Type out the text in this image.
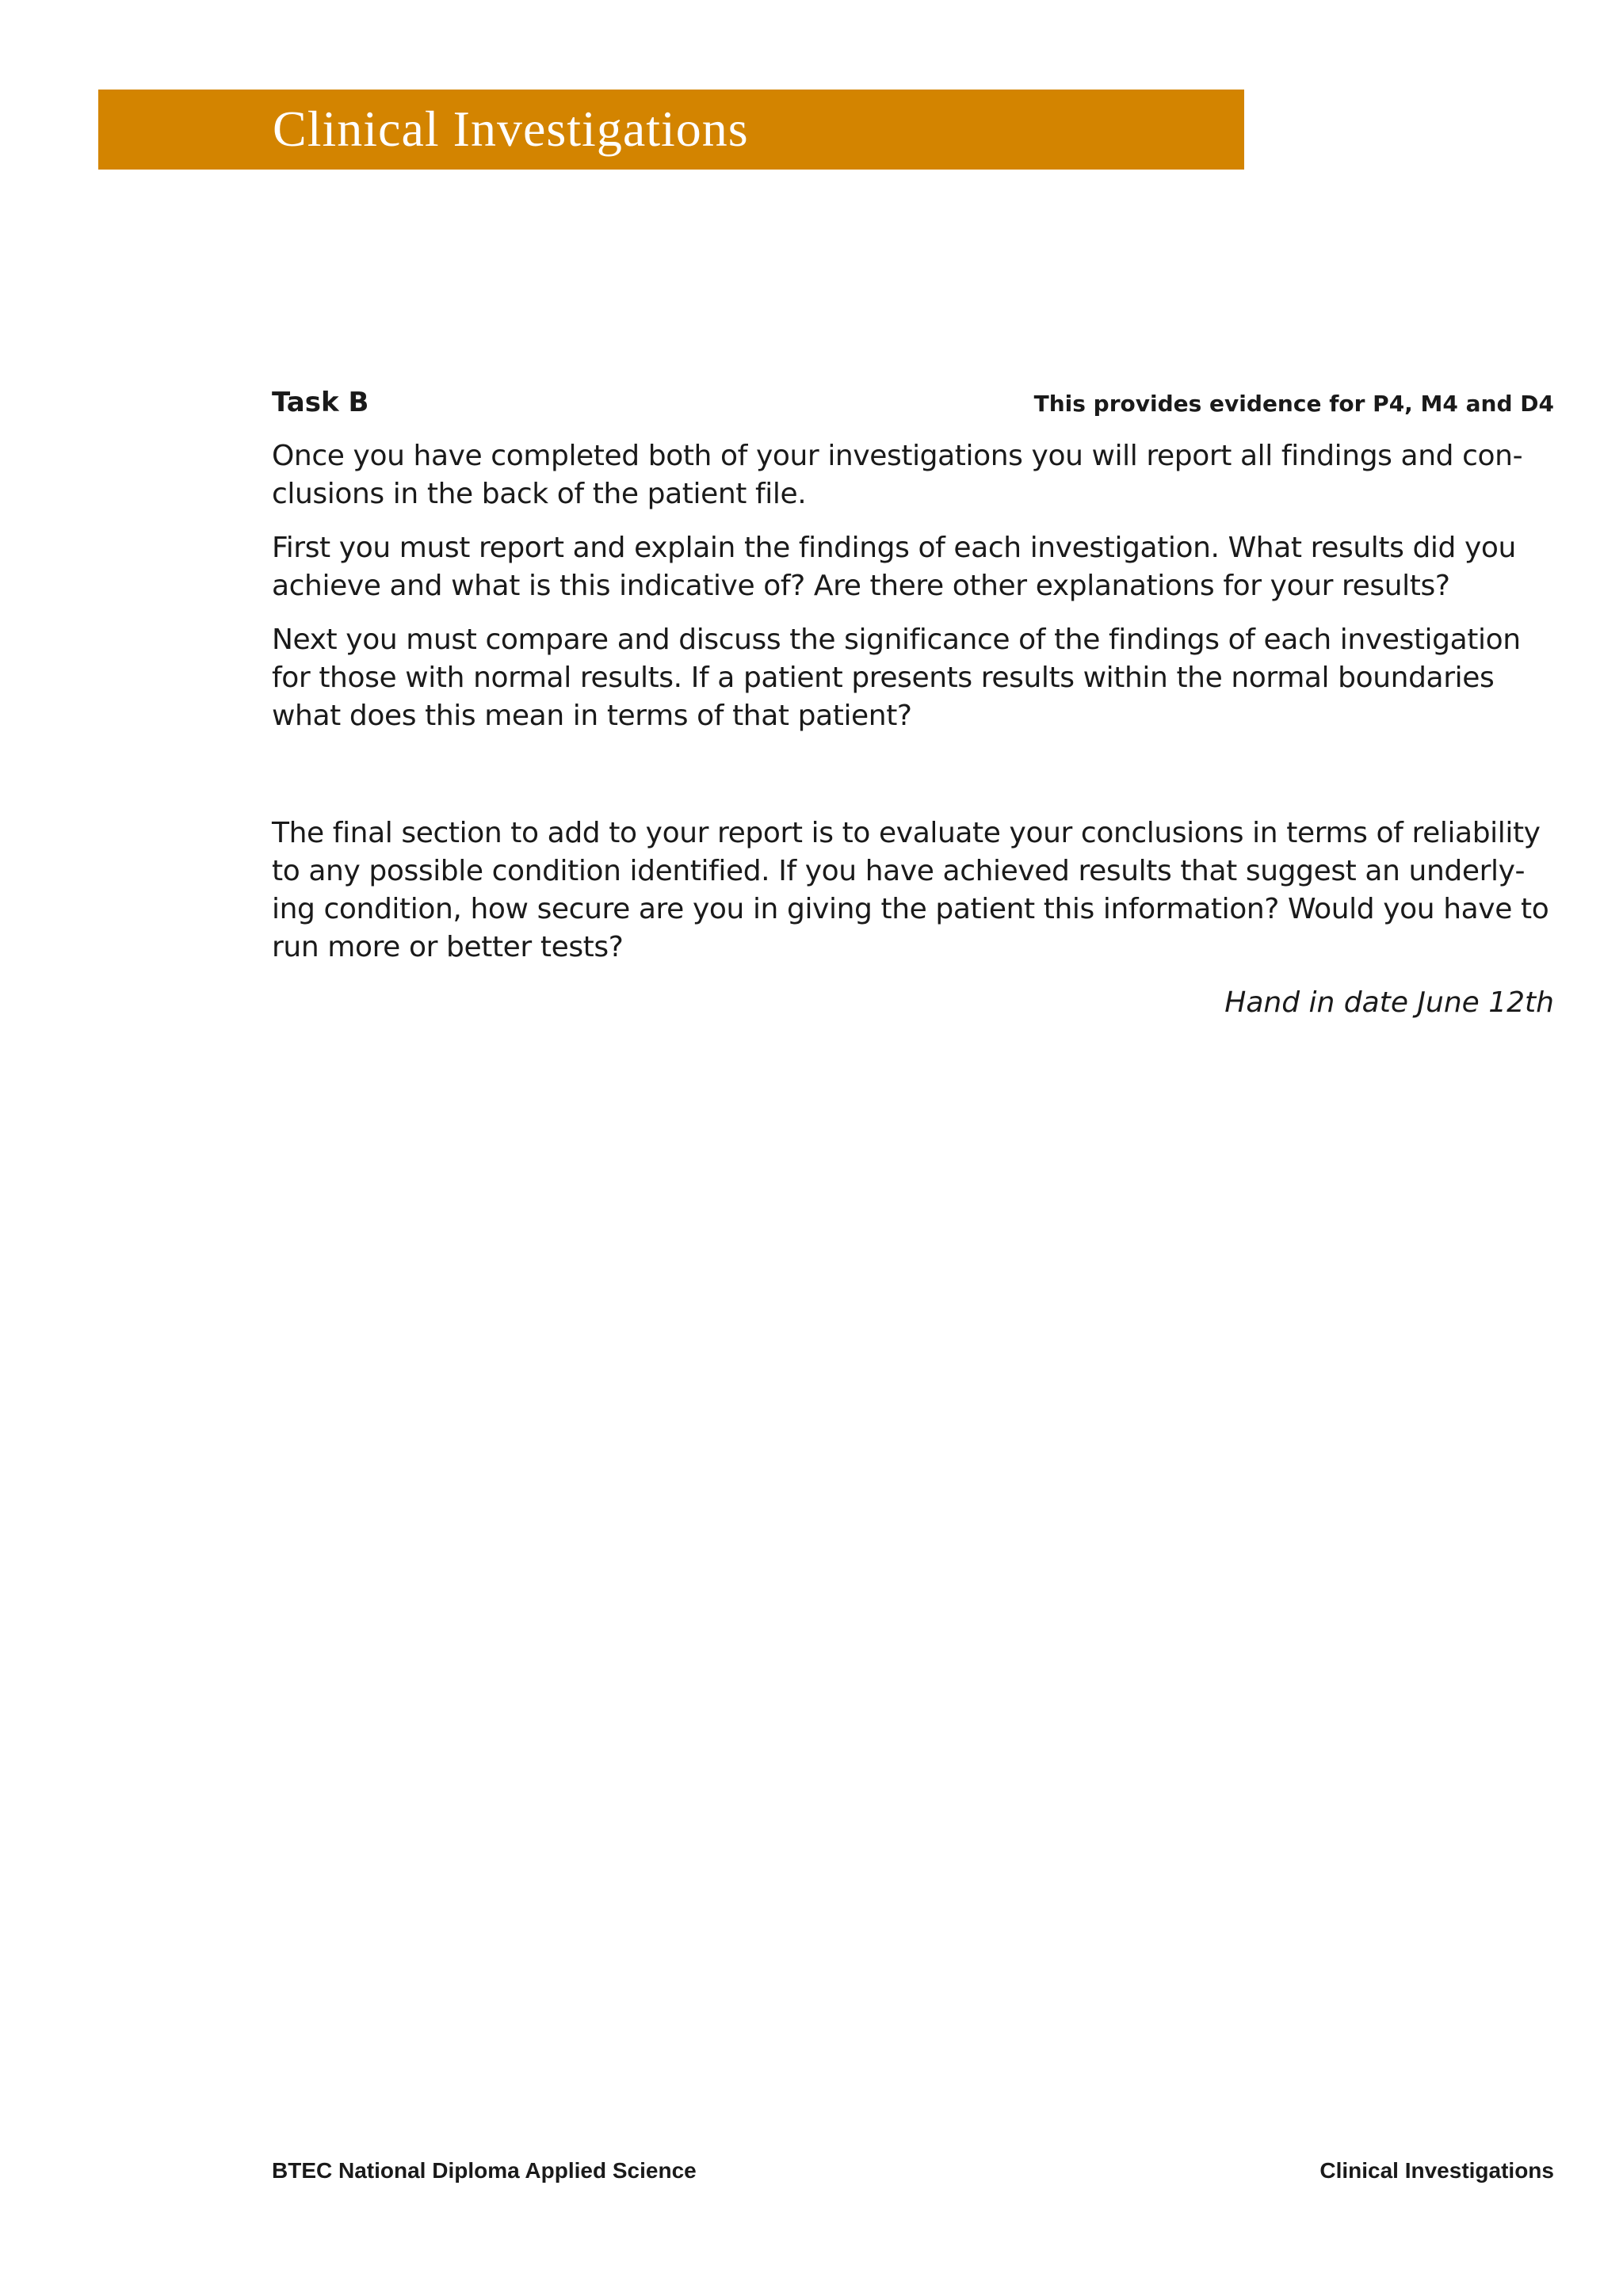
Clinical Investigations
Task B	This provides evidence for P4, M4 and D4

Once you have completed both of your investigations you will report all findings and conclusions in the back of the patient file.

First you must report and explain the findings of each investigation. What results did you achieve and what is this indicative of? Are there other explanations for your results?

Next you must compare and discuss the significance of the findings of each investigation for those with normal results. If a patient presents results within the normal boundaries what does this mean in terms of that patient?

The final section to add to your report is to evaluate your conclusions in terms of reliability to any possible condition identified. If you have achieved results that suggest an underlying condition, how secure are you in giving the patient this information? Would you have to run more or better tests?

Hand in date June 12th
BTEC National Diploma Applied Science	Clinical Investigations
